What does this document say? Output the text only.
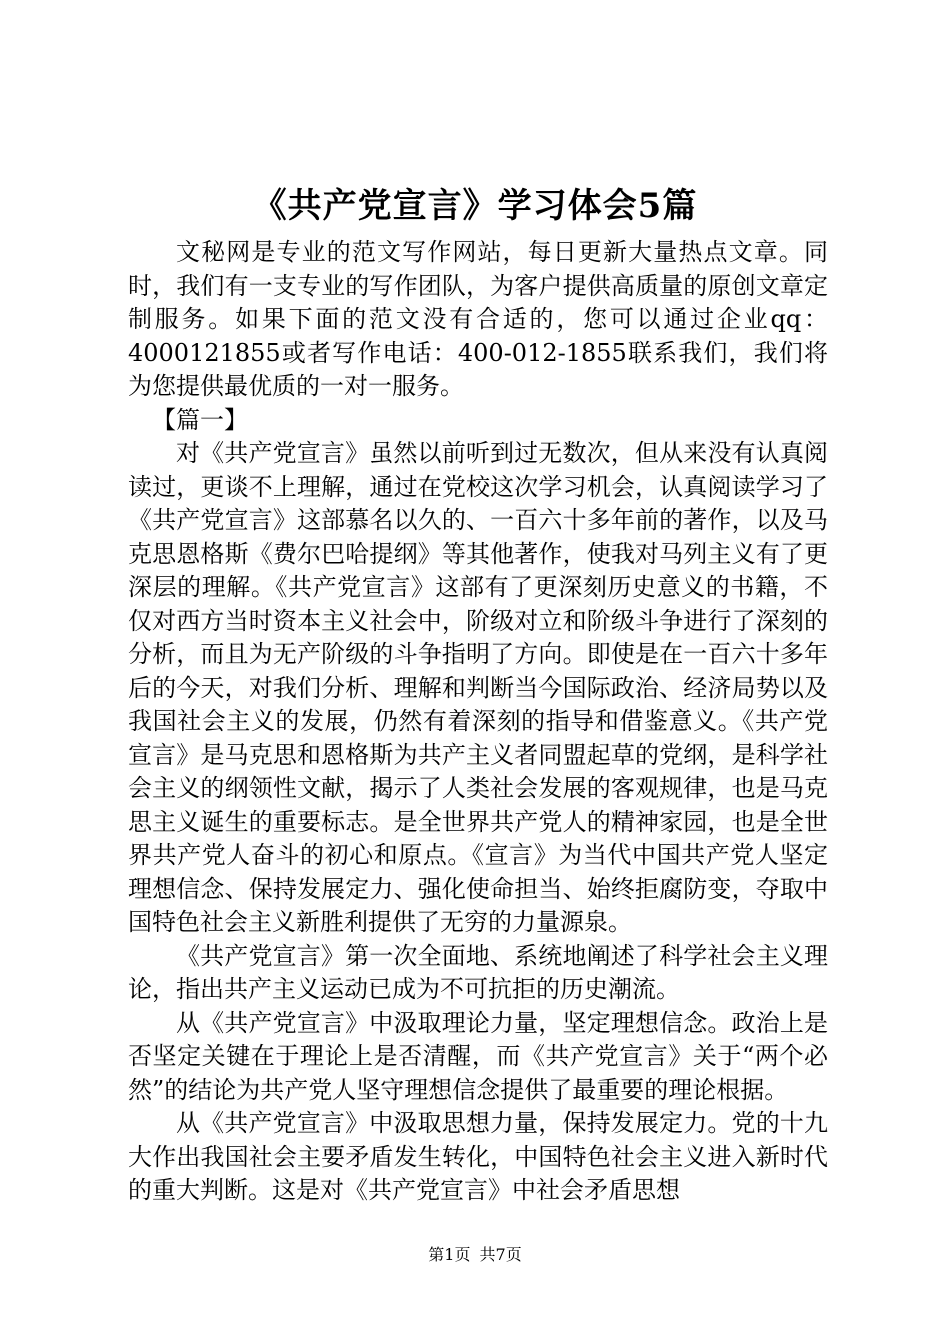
《共产党宣言》学习体会5篇

文秘网是专业的范文写作网站，每日更新大量热点文章。同时，我们有一支专业的写作团队，为客户提供高质量的原创文章定制服务。如果下面的范文没有合适的，您可以通过企业qq：4000121855或者写作电话：400-012-1855联系我们，我们将为您提供最优质的一对一服务。

【篇一】

对《共产党宣言》虽然以前听到过无数次，但从来没有认真阅读过，更谈不上理解，通过在党校这次学习机会，认真阅读学习了《共产党宣言》这部慕名以久的、一百六十多年前的著作，以及马克思恩格斯《费尔巴哈提纲》等其他著作，使我对马列主义有了更深层的理解。《共产党宣言》这部有了更深刻历史意义的书籍，不仅对西方当时资本主义社会中，阶级对立和阶级斗争进行了深刻的分析，而且为无产阶级的斗争指明了方向。即使是在一百六十多年后的今天，对我们分析、理解和判断当今国际政治、经济局势以及我国社会主义的发展，仍然有着深刻的指导和借鉴意义。《共产党宣言》是马克思和恩格斯为共产主义者同盟起草的党纲，是科学社会主义的纲领性文献，揭示了人类社会发展的客观规律，也是马克思主义诞生的重要标志。是全世界共产党人的精神家园，也是全世界共产党人奋斗的初心和原点。《宣言》为当代中国共产党人坚定理想信念、保持发展定力、强化使命担当、始终拒腐防变，夺取中国特色社会主义新胜利提供了无穷的力量源泉。

《共产党宣言》第一次全面地、系统地阐述了科学社会主义理论，指出共产主义运动已成为不可抗拒的历史潮流。

从《共产党宣言》中汲取理论力量，坚定理想信念。政治上是否坚定关键在于理论上是否清醒，而《共产党宣言》关于“两个必然”的结论为共产党人坚守理想信念提供了最重要的理论根据。

从《共产党宣言》中汲取思想力量，保持发展定力。党的十九大作出我国社会主要矛盾发生转化，中国特色社会主义进入新时代的重大判断。这是对《共产党宣言》中社会矛盾思想

第1页 共7页
